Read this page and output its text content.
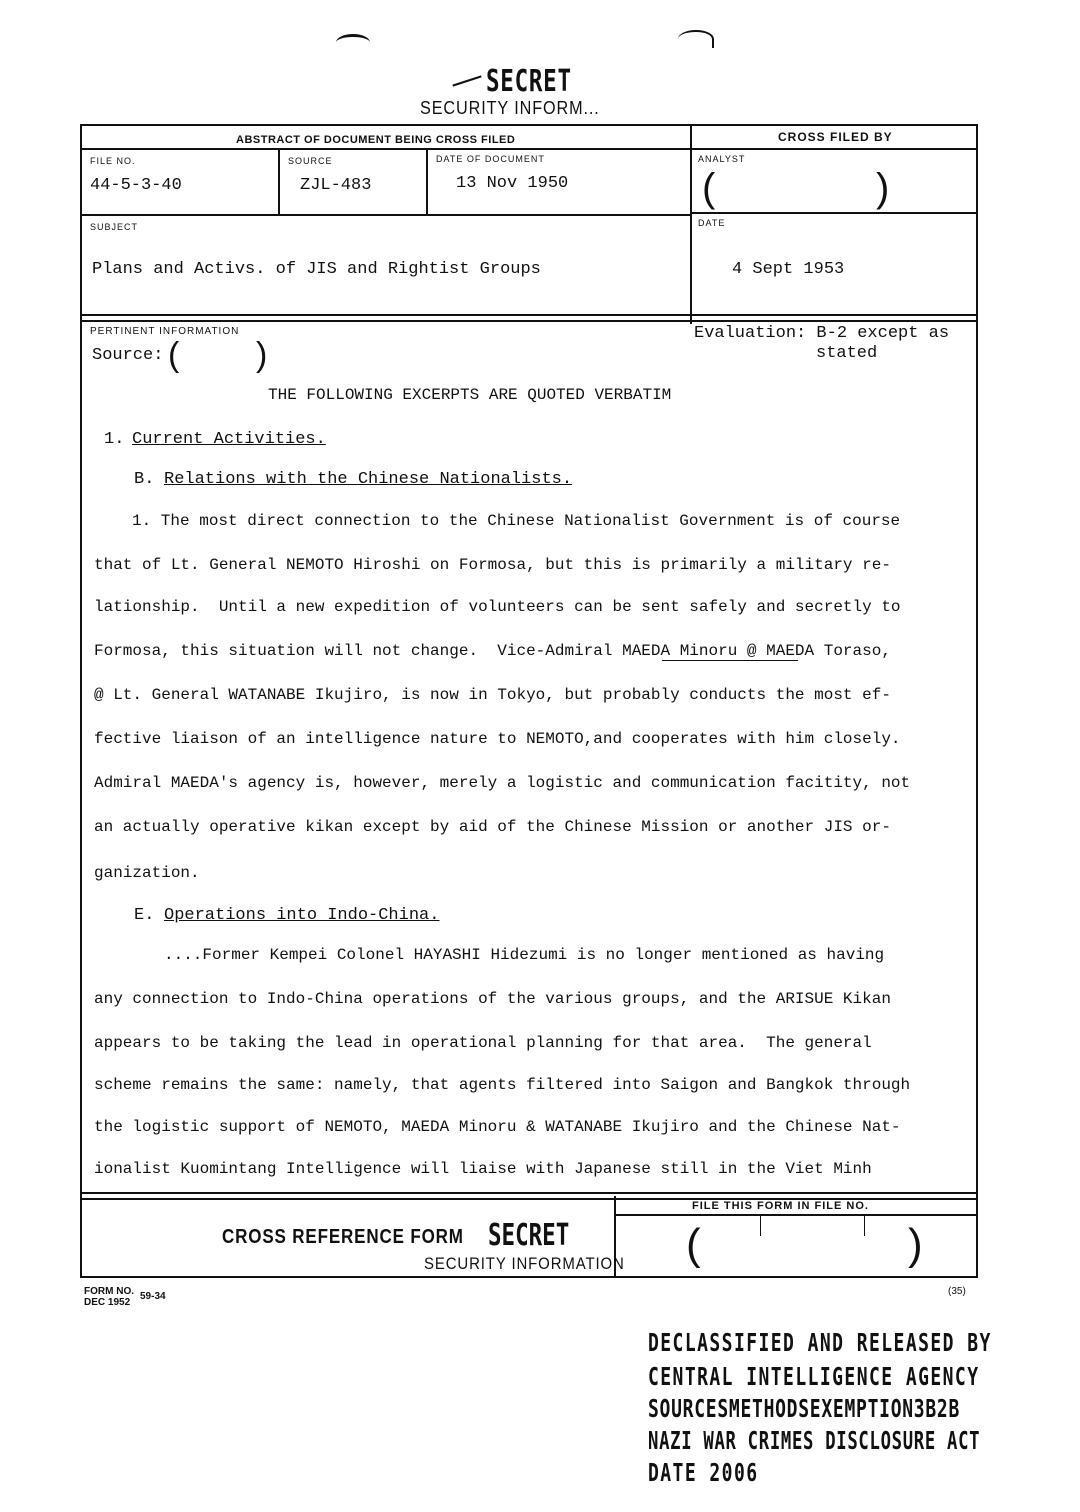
SECRET
SECURITY INFORM...
ABSTRACT OF DOCUMENT BEING CROSS FILED	CROSS FILED BY
FILE NO.
44-5-3-40
SOURCE
ZJL-483
DATE OF DOCUMENT
13 Nov 1950
ANALYST
(	)
SUBJECT
Plans and Activs. of JIS and Rightist Groups
DATE
4 Sept 1953
PERTINENT INFORMATION
Source: ( )
Evaluation: B-2 except as
stated
THE FOLLOWING EXCERPTS ARE QUOTED VERBATIM
1. Current Activities.
B. Relations with the Chinese Nationalists.
1. The most direct connection to the Chinese Nationalist Government is of course
that of Lt. General NEMOTO Hiroshi on Formosa, but this is primarily a military re-
lationship.  Until a new expedition of volunteers can be sent safely and secretly to
Formosa, this situation will not change.  Vice-Admiral MAEDA Minoru @ MAEDA Toraso,
@ Lt. General WATANABE Ikujiro, is now in Tokyo, but probably conducts the most ef-
fective liaison of an intelligence nature to NEMOTO,and cooperates with him closely.
Admiral MAEDA's agency is, however, merely a logistic and communication facitity, not
an actually operative kikan except by aid of the Chinese Mission or another JIS or-
ganization.
E. Operations into Indo-China.
....Former Kempei Colonel HAYASHI Hidezumi is no longer mentioned as having
any connection to Indo-China operations of the various groups, and the ARISUE Kikan
appears to be taking the lead in operational planning for that area.  The general
scheme remains the same: namely, that agents filtered into Saigon and Bangkok through
the logistic support of NEMOTO, MAEDA Minoru & WATANABE Ikujiro and the Chinese Nat-
ionalist Kuomintang Intelligence will liaise with Japanese still in the Viet Minh
CROSS REFERENCE FORM SECRET
SECURITY INFORMATION
FILE THIS FORM IN FILE NO.
(	)
FORM NO.
DEC 1952
59-34	(35)
DECLASSIFIED AND RELEASED BY
CENTRAL INTELLIGENCE AGENCY
SOURCESMETHODSEXEMPTION3B2B
NAZI WAR CRIMES DISCLOSURE ACT
DATE 2006
